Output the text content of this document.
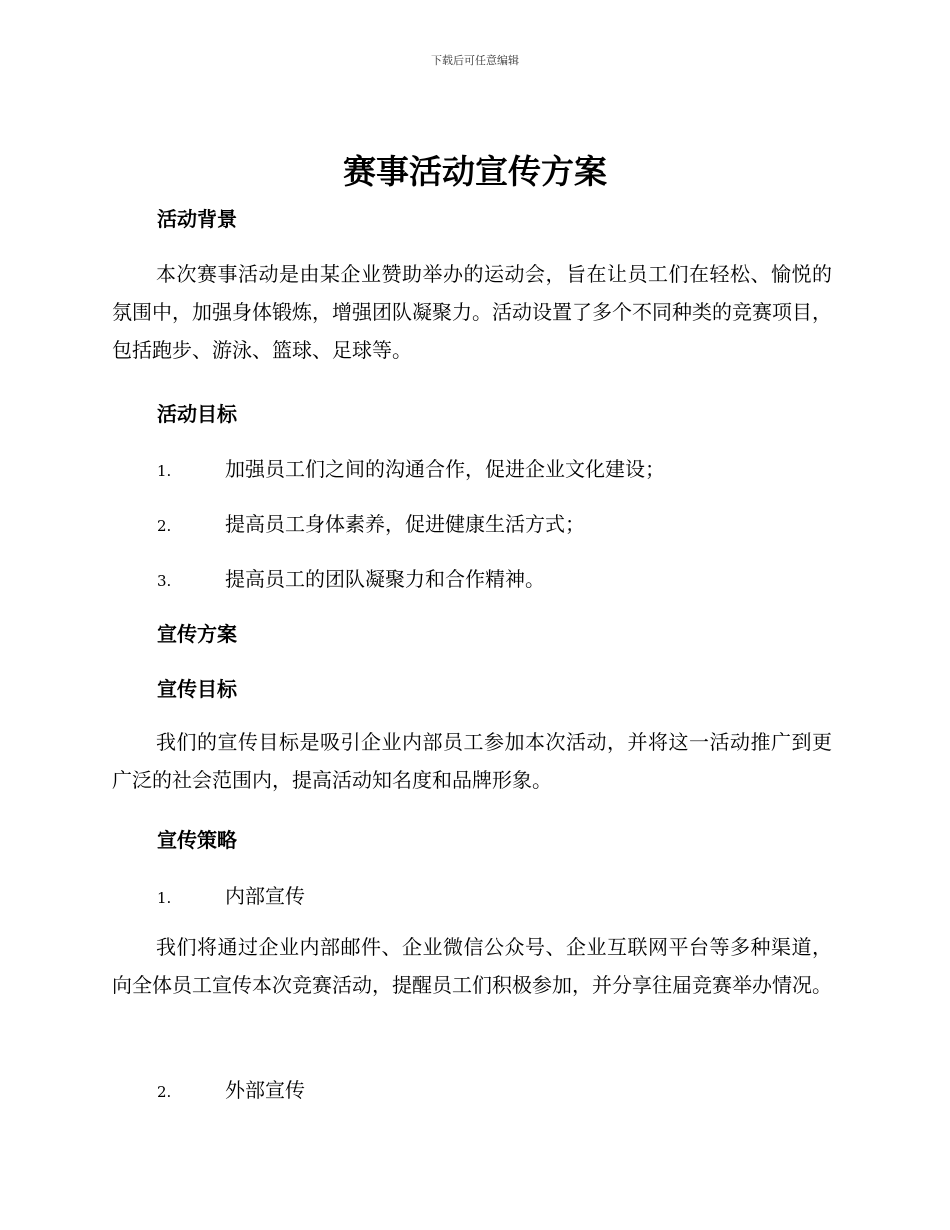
下载后可任意编辑
赛事活动宣传方案
活动背景

本次赛事活动是由某企业赞助举办的运动会，旨在让员工们在轻松、愉悦的氛围中，加强身体锻炼，增强团队凝聚力。活动设置了多个不同种类的竞赛项目，包括跑步、游泳、篮球、足球等。

活动目标
1.	加强员工们之间的沟通合作，促进企业文化建设；
2.	提高员工身体素养，促进健康生活方式；
3.	提高员工的团队凝聚力和合作精神。
宣传方案
宣传目标

我们的宣传目标是吸引企业内部员工参加本次活动，并将这一活动推广到更广泛的社会范围内，提高活动知名度和品牌形象。

宣传策略
1.	内部宣传

我们将通过企业内部邮件、企业微信公众号、企业互联网平台等多种渠道，向全体员工宣传本次竞赛活动，提醒员工们积极参加，并分享往届竞赛举办情况。

2.	外部宣传
